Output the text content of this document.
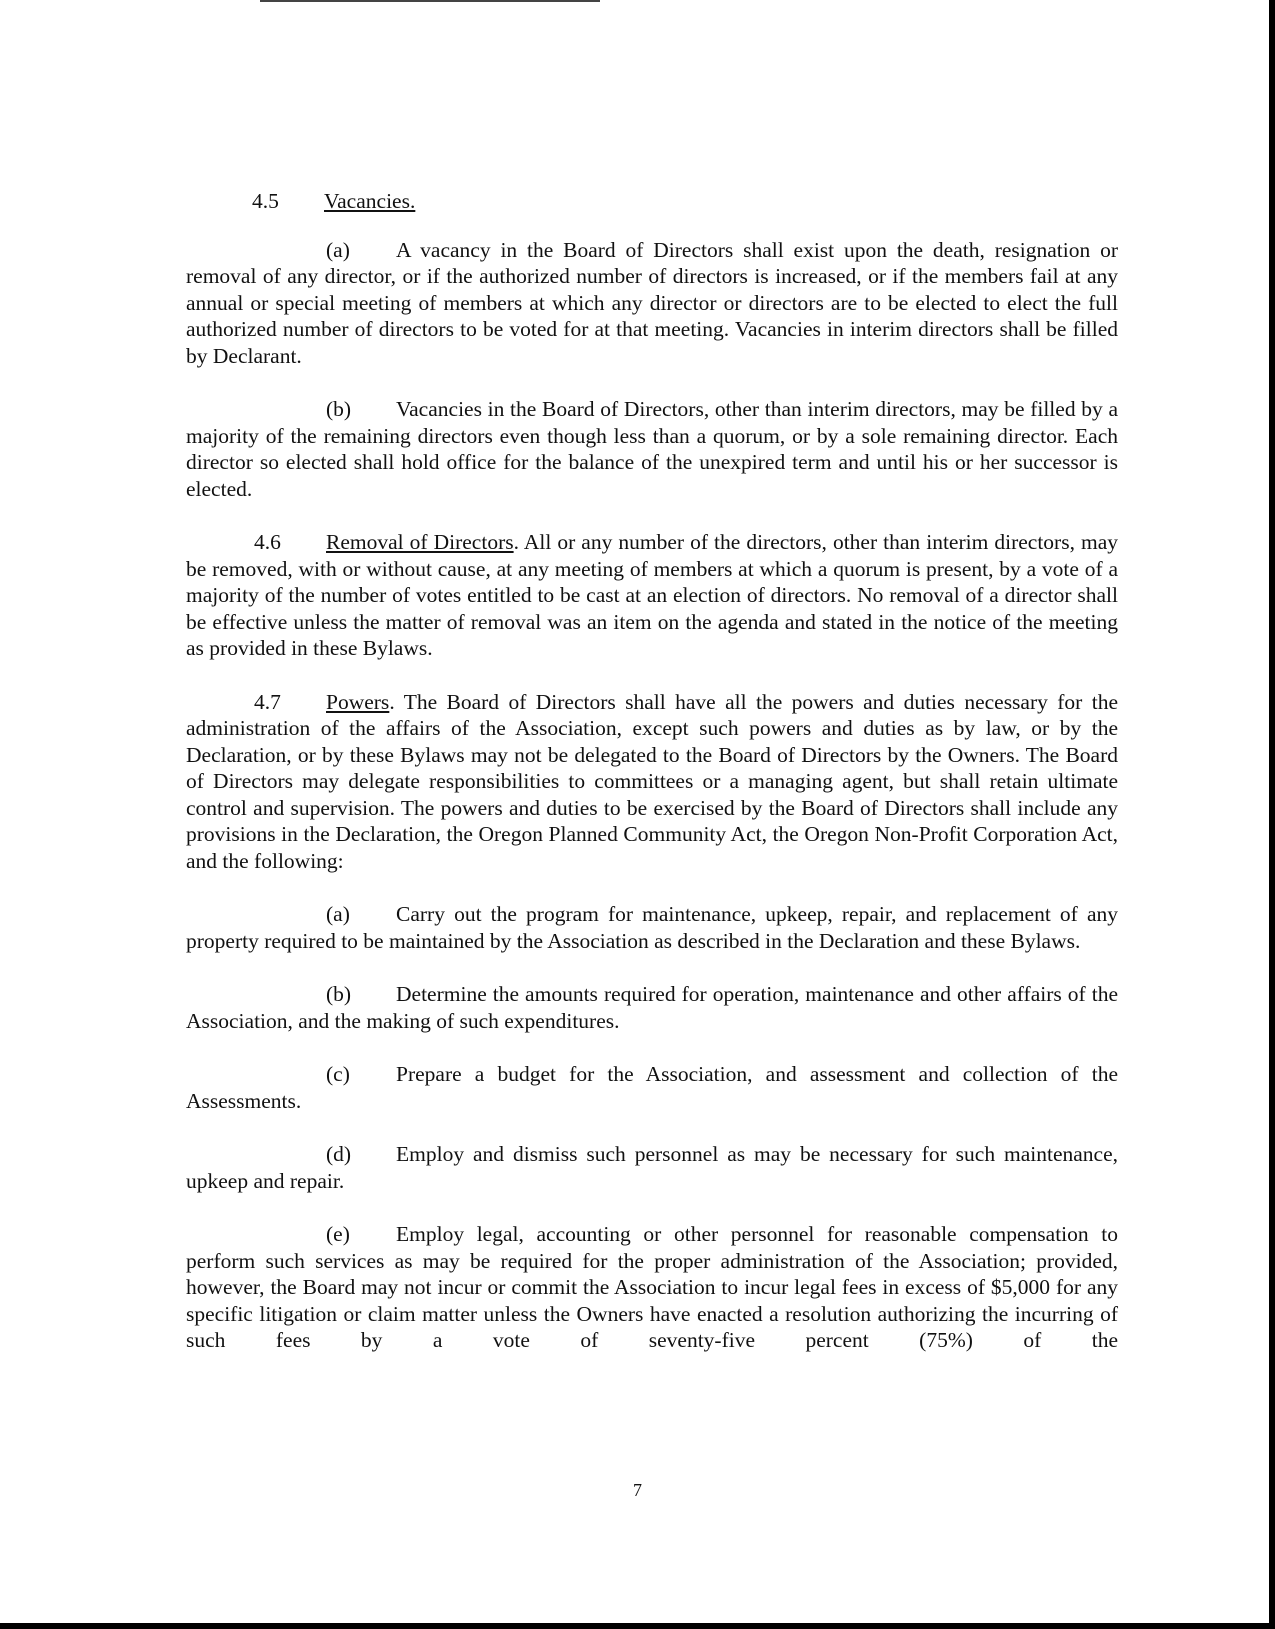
4.5 Vacancies.

(a) A vacancy in the Board of Directors shall exist upon the death, resignation or removal of any director, or if the authorized number of directors is increased, or if the members fail at any annual or special meeting of members at which any director or directors are to be elected to elect the full authorized number of directors to be voted for at that meeting. Vacancies in interim directors shall be filled by Declarant.

(b) Vacancies in the Board of Directors, other than interim directors, may be filled by a majority of the remaining directors even though less than a quorum, or by a sole remaining director. Each director so elected shall hold office for the balance of the unexpired term and until his or her successor is elected.

4.6 Removal of Directors. All or any number of the directors, other than interim directors, may be removed, with or without cause, at any meeting of members at which a quorum is present, by a vote of a majority of the number of votes entitled to be cast at an election of directors. No removal of a director shall be effective unless the matter of removal was an item on the agenda and stated in the notice of the meeting as provided in these Bylaws.

4.7 Powers. The Board of Directors shall have all the powers and duties necessary for the administration of the affairs of the Association, except such powers and duties as by law, or by the Declaration, or by these Bylaws may not be delegated to the Board of Directors by the Owners. The Board of Directors may delegate responsibilities to committees or a managing agent, but shall retain ultimate control and supervision. The powers and duties to be exercised by the Board of Directors shall include any provisions in the Declaration, the Oregon Planned Community Act, the Oregon Non-Profit Corporation Act, and the following:

(a) Carry out the program for maintenance, upkeep, repair, and replacement of any property required to be maintained by the Association as described in the Declaration and these Bylaws.

(b) Determine the amounts required for operation, maintenance and other affairs of the Association, and the making of such expenditures.

(c) Prepare a budget for the Association, and assessment and collection of the Assessments.

(d) Employ and dismiss such personnel as may be necessary for such maintenance, upkeep and repair.

(e) Employ legal, accounting or other personnel for reasonable compensation to perform such services as may be required for the proper administration of the Association; provided, however, the Board may not incur or commit the Association to incur legal fees in excess of $5,000 for any specific litigation or claim matter unless the Owners have enacted a resolution authorizing the incurring of such fees by a vote of seventy-five percent (75%) of the

7
